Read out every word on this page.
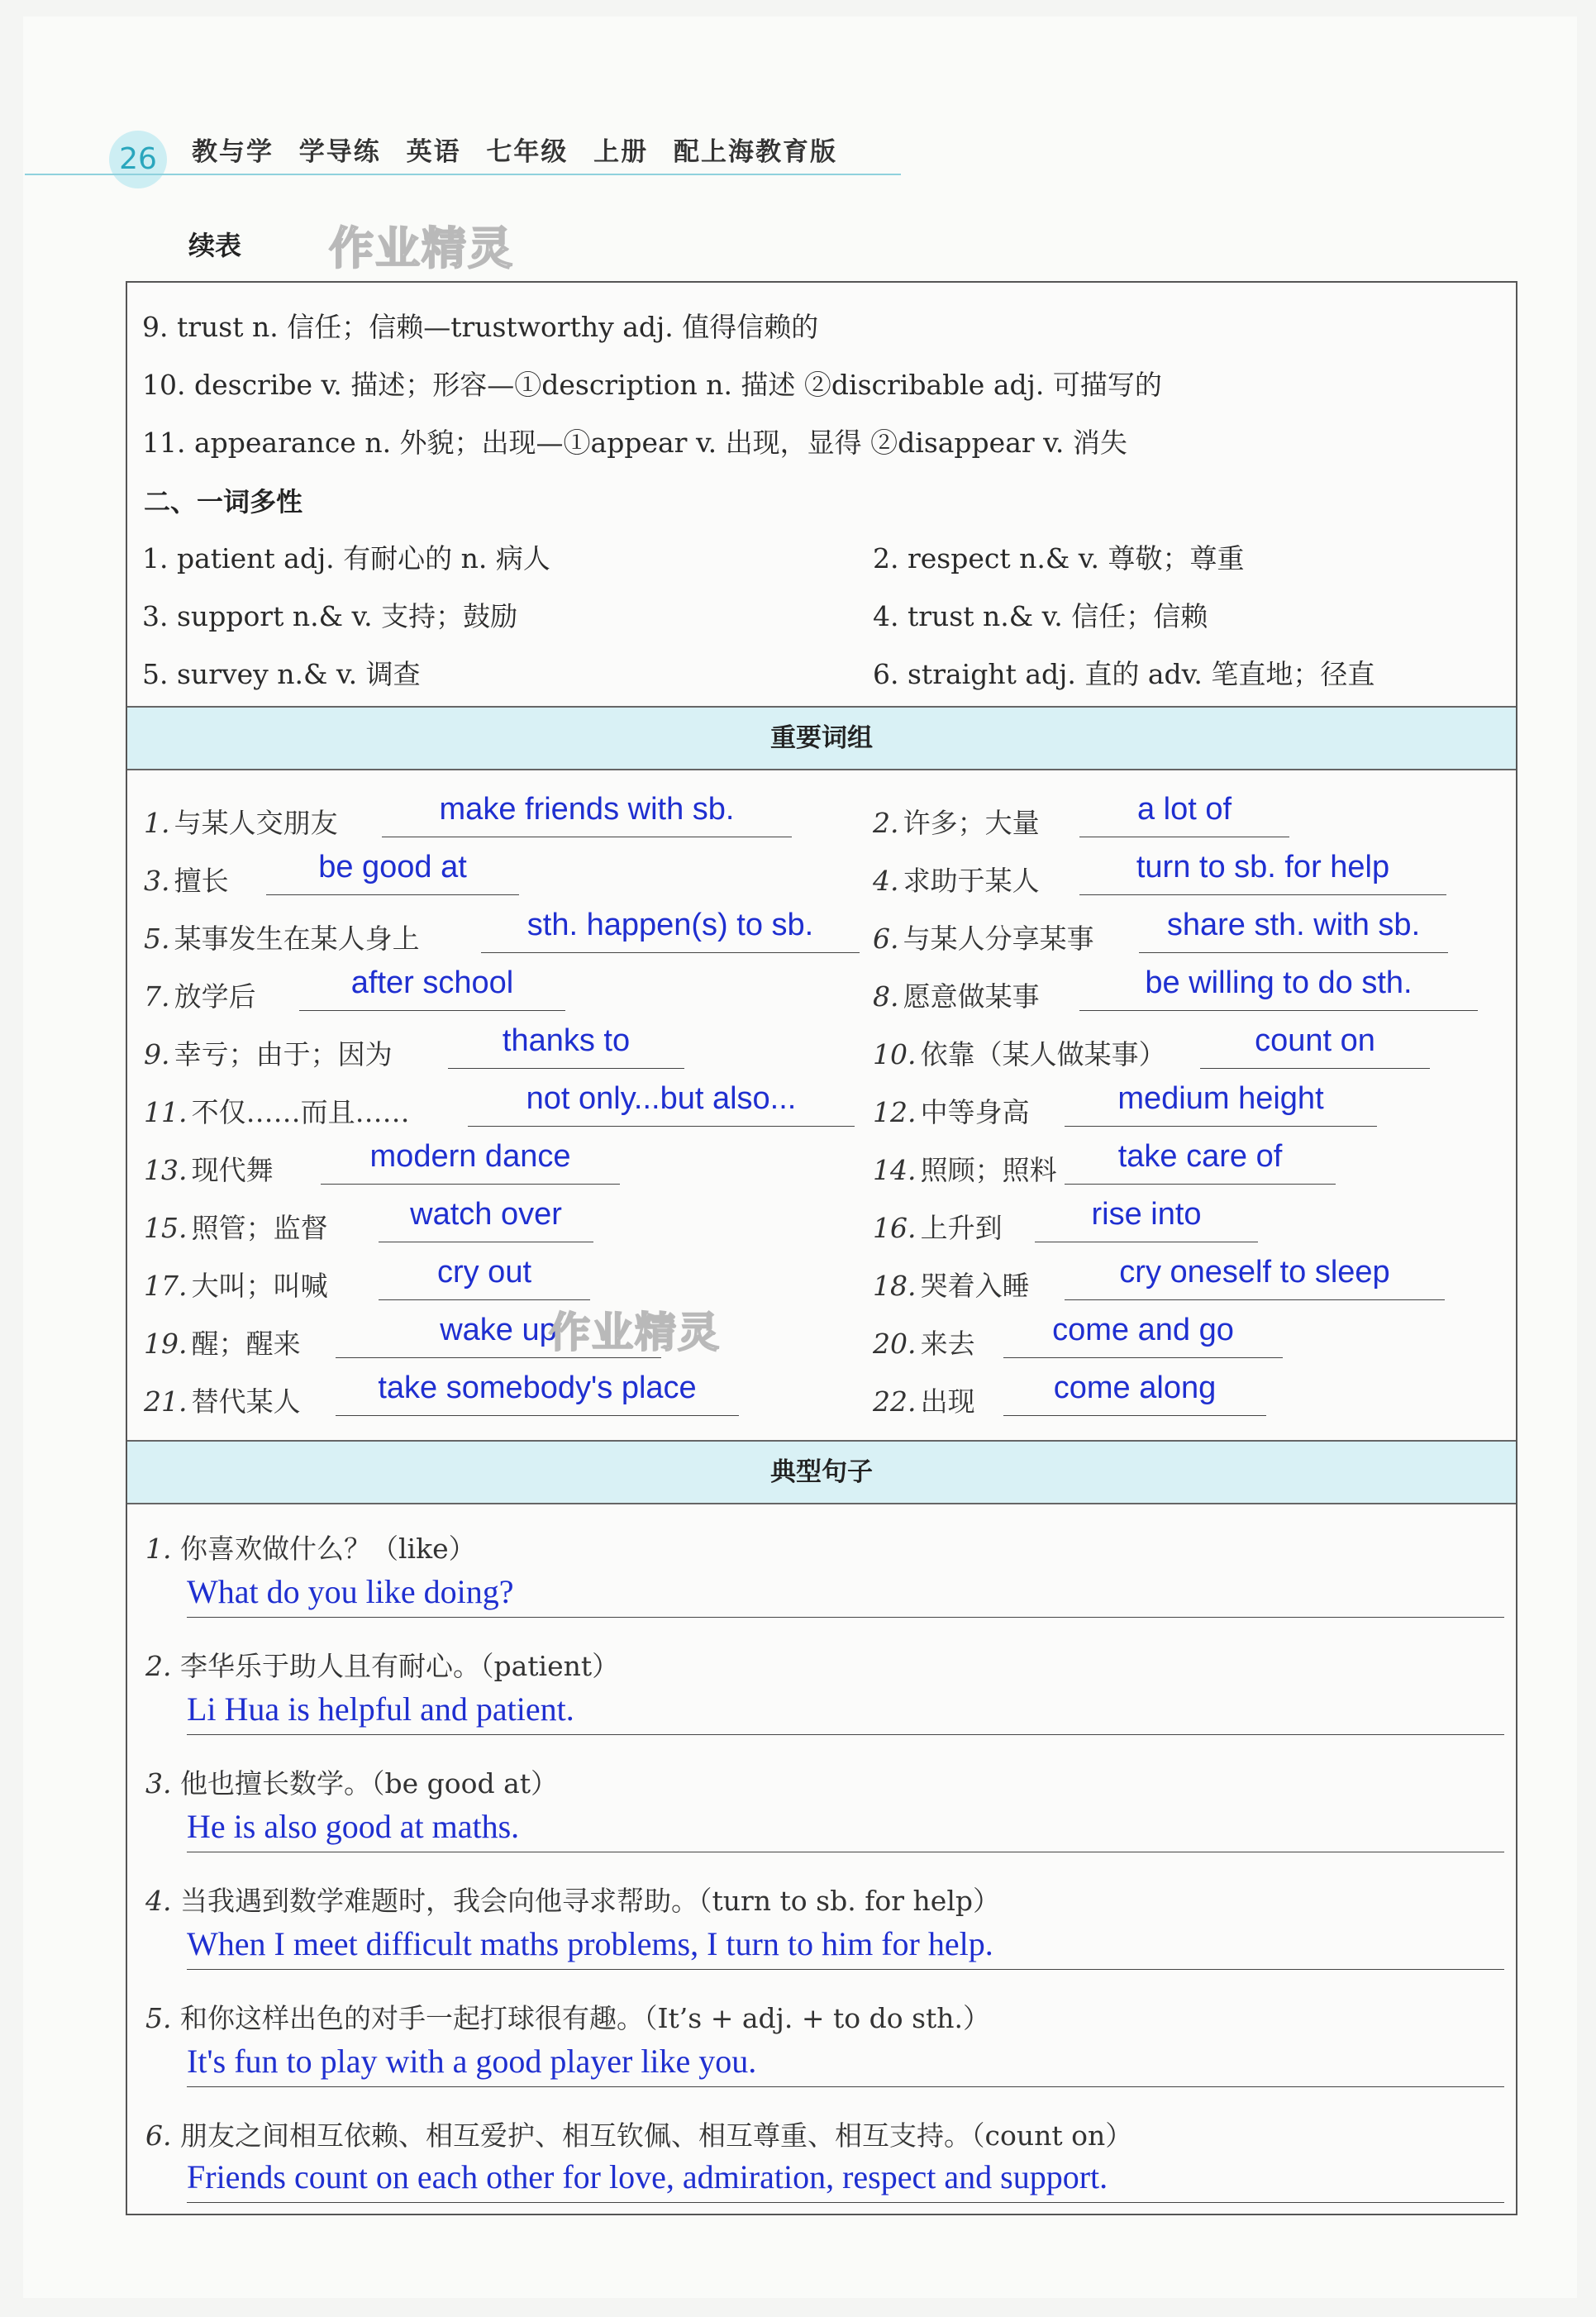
26	教与学 学导练 英语 七年级 上册 配上海教育版
续表 作业精灵
9. trust n. 信任；信赖—trustworthy adj. 值得信赖的
10. describe v. 描述；形容—①description n. 描述 ②discribable adj. 可描写的
11. appearance n. 外貌；出现—①appear v. 出现，显得 ②disappear v. 消失
二、一词多性
1. patient adj. 有耐心的 n. 病人	2. respect n.& v. 尊敬；尊重
3. support n.& v. 支持；鼓励	4. trust n.& v. 信任；信赖
5. survey n.& v. 调查	6. straight adj. 直的 adv. 笔直地；径直
重要词组
1. 与某人交朋友	make friends with sb.	2. 许多；大量	a lot of
3. 擅长	be good at	4. 求助于某人	turn to sb. for help
5. 某事发生在某人身上	sth. happen(s) to sb.	6. 与某人分享某事	share sth. with sb.
7. 放学后	after school	8. 愿意做某事	be willing to do sth.
9. 幸亏；由于；因为	thanks to	10. 依靠（某人做某事）	count on
11. 不仅……而且……	not only...but also...	12. 中等身高	medium height
13. 现代舞	modern dance	14. 照顾；照料	take care of
15. 照管；监督	watch over	16. 上升到	rise into
17. 大叫；叫喊	cry out	18. 哭着入睡	cry oneself to sleep
19. 醒；醒来	wake up	20. 来去	come and go
21. 替代某人	take somebody's place	22. 出现	come along
作业精灵
典型句子
1. 你喜欢做什么？（like）
What do you like doing?
2. 李华乐于助人且有耐心。（patient）
Li Hua is helpful and patient.
3. 他也擅长数学。（be good at）
He is also good at maths.
4. 当我遇到数学难题时，我会向他寻求帮助。（turn to sb. for help）
When I meet difficult maths problems, I turn to him for help.
5. 和你这样出色的对手一起打球很有趣。（It’s + adj. + to do sth.）
It's fun to play with a good player like you.
6. 朋友之间相互依赖、相互爱护、相互钦佩、相互尊重、相互支持。（count on）
Friends count on each other for love, admiration, respect and support.
